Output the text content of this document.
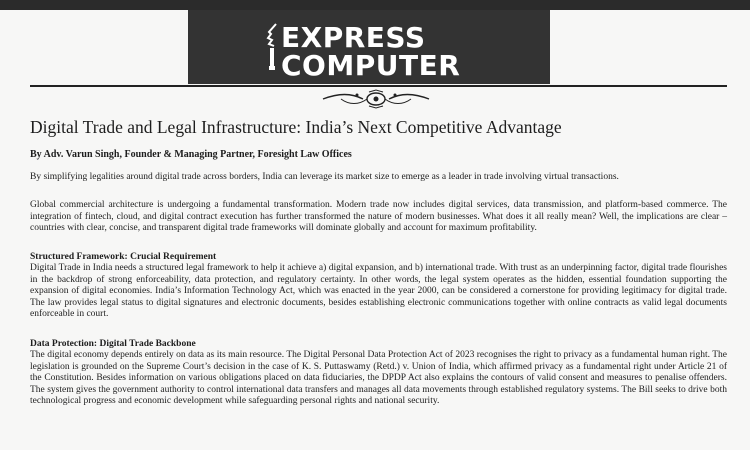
EXPRESS
COMPUTER
Digital Trade and Legal Infrastructure: India’s Next Competitive Advantage

By Adv. Varun Singh, Founder & Managing Partner, Foresight Law Offices

By simplifying legalities around digital trade across borders, India can leverage its market size to emerge as a leader in trade involving virtual transactions.

Global commercial architecture is undergoing a fundamental transformation. Modern trade now includes digital services, data transmission, and platform-based commerce. The integration of fintech, cloud, and digital contract execution has further transformed the nature of modern businesses. What does it all really mean? Well, the implications are clear – countries with clear, concise, and transparent digital trade frameworks will dominate globally and account for maximum profitability.

Structured Framework: Crucial Requirement

Digital Trade in India needs a structured legal framework to help it achieve a) digital expansion, and b) international trade. With trust as an underpinning factor, digital trade flourishes in the backdrop of strong enforceability, data protection, and regulatory certainty. In other words, the legal system operates as the hidden, essential foundation supporting the expansion of digital economies. India’s Information Technology Act, which was enacted in the year 2000, can be considered a cornerstone for providing legitimacy for digital trade. The law provides legal status to digital signatures and electronic documents, besides establishing electronic communications together with online contracts as valid legal documents enforceable in court.

Data Protection: Digital Trade Backbone

The digital economy depends entirely on data as its main resource. The Digital Personal Data Protection Act of 2023 recognises the right to privacy as a fundamental human right. The legislation is grounded on the Supreme Court’s decision in the case of K. S. Puttaswamy (Retd.) v. Union of India, which affirmed privacy as a fundamental right under Article 21 of the Constitution. Besides information on various obligations placed on data fiduciaries, the DPDP Act also explains the contours of valid consent and measures to penalise offenders. The system gives the government authority to control international data transfers and manages all data movements through established regulatory systems. The Bill seeks to drive both technological progress and economic development while safeguarding personal rights and national security.
